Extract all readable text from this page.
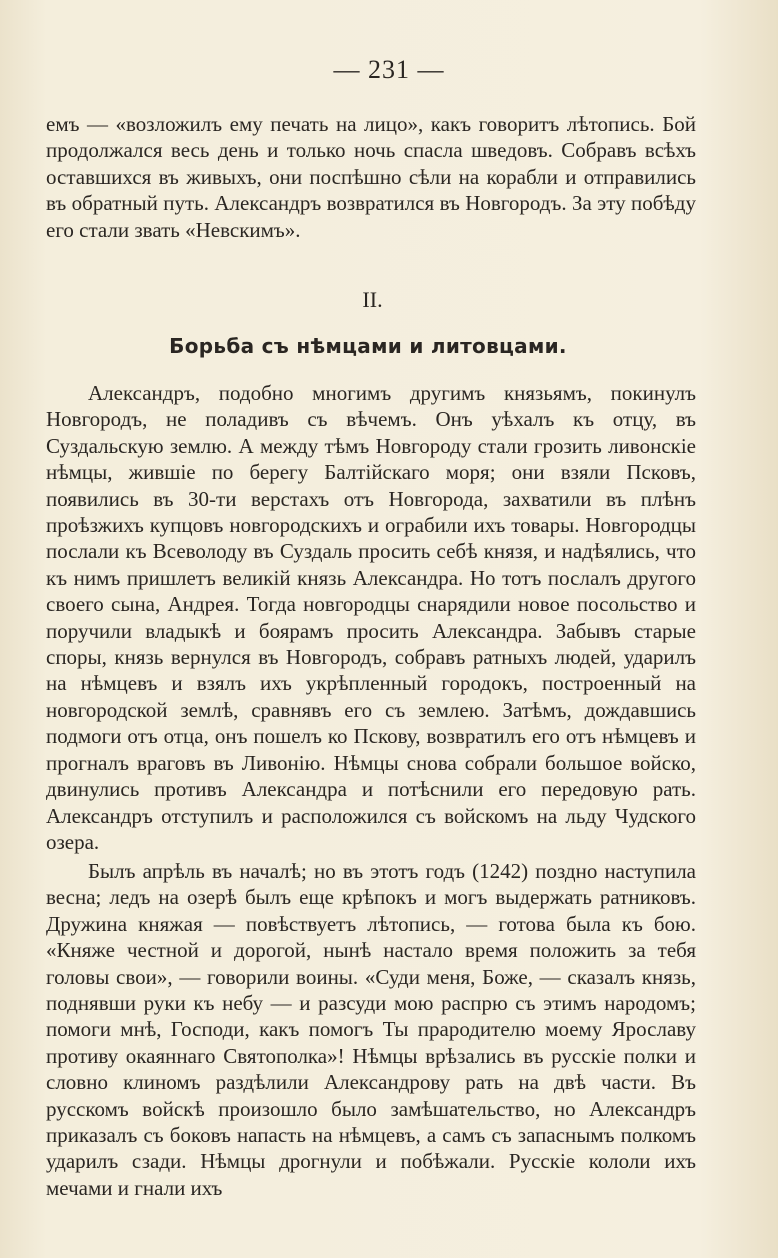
— 231 —

емъ — «возложилъ ему печать на лицо», какъ говоритъ лѣтопись. Бой продолжался весь день и только ночь спасла шведовъ. Собравъ всѣхъ оставшихся въ живыхъ, они поспѣшно сѣли на корабли и отправились въ обратный путь. Александръ возвратился въ Новгородъ. За эту побѣду его стали звать «Невскимъ».

II.
Борьба съ нѣмцами и литовцами.

Александръ, подобно многимъ другимъ князьямъ, покинулъ Новгородъ, не поладивъ съ вѣчемъ. Онъ уѣхалъ къ отцу, въ Суздальскую землю. А между тѣмъ Новгороду стали грозить ливонскіе нѣмцы, жившіе по берегу Балтійскаго моря; они взяли Псковъ, появились въ 30-ти верстахъ отъ Новгорода, захватили въ плѣнъ проѣзжихъ купцовъ новгородскихъ и ограбили ихъ товары. Новгородцы послали къ Всеволоду въ Суздаль просить себѣ князя, и надѣялись, что къ нимъ пришлетъ великій князь Александра. Но тотъ послалъ другого своего сына, Андрея. Тогда новгородцы снарядили новое посольство и поручили владыкѣ и боярамъ просить Александра. Забывъ старые споры, князь вернулся въ Новгородъ, собравъ ратныхъ людей, ударилъ на нѣмцевъ и взялъ ихъ укрѣпленный городокъ, построенный на новгородской землѣ, сравнявъ его съ землею. Затѣмъ, дождавшись подмоги отъ отца, онъ пошелъ ко Пскову, возвратилъ его отъ нѣмцевъ и прогналъ враговъ въ Ливонію. Нѣмцы снова собрали большое войско, двинулись противъ Александра и потѣснили его передовую рать. Александръ отступилъ и расположился съ войскомъ на льду Чудского озера.

Былъ апрѣль въ началѣ; но въ этотъ годъ (1242) поздно наступила весна; ледъ на озерѣ былъ еще крѣпокъ и могъ выдержать ратниковъ. Дружина княжая — повѣствуетъ лѣтопись, — готова была къ бою. «Княже честной и дорогой, нынѣ настало время положить за тебя головы свои», — говорили воины. «Суди меня, Боже, — сказалъ князь, поднявши руки къ небу — и разсуди мою распрю съ этимъ народомъ; помоги мнѣ, Господи, какъ помогъ Ты прародителю моему Ярославу противу окаяннаго Святополка»! Нѣмцы врѣзались въ русскіе полки и словно клиномъ раздѣлили Александрову рать на двѣ части. Въ русскомъ войскѣ произошло было замѣшательство, но Александръ приказалъ съ боковъ напасть на нѣмцевъ, а самъ съ запаснымъ полкомъ ударилъ сзади. Нѣмцы дрогнули и побѣжали. Русскіе кололи ихъ мечами и гнали ихъ
